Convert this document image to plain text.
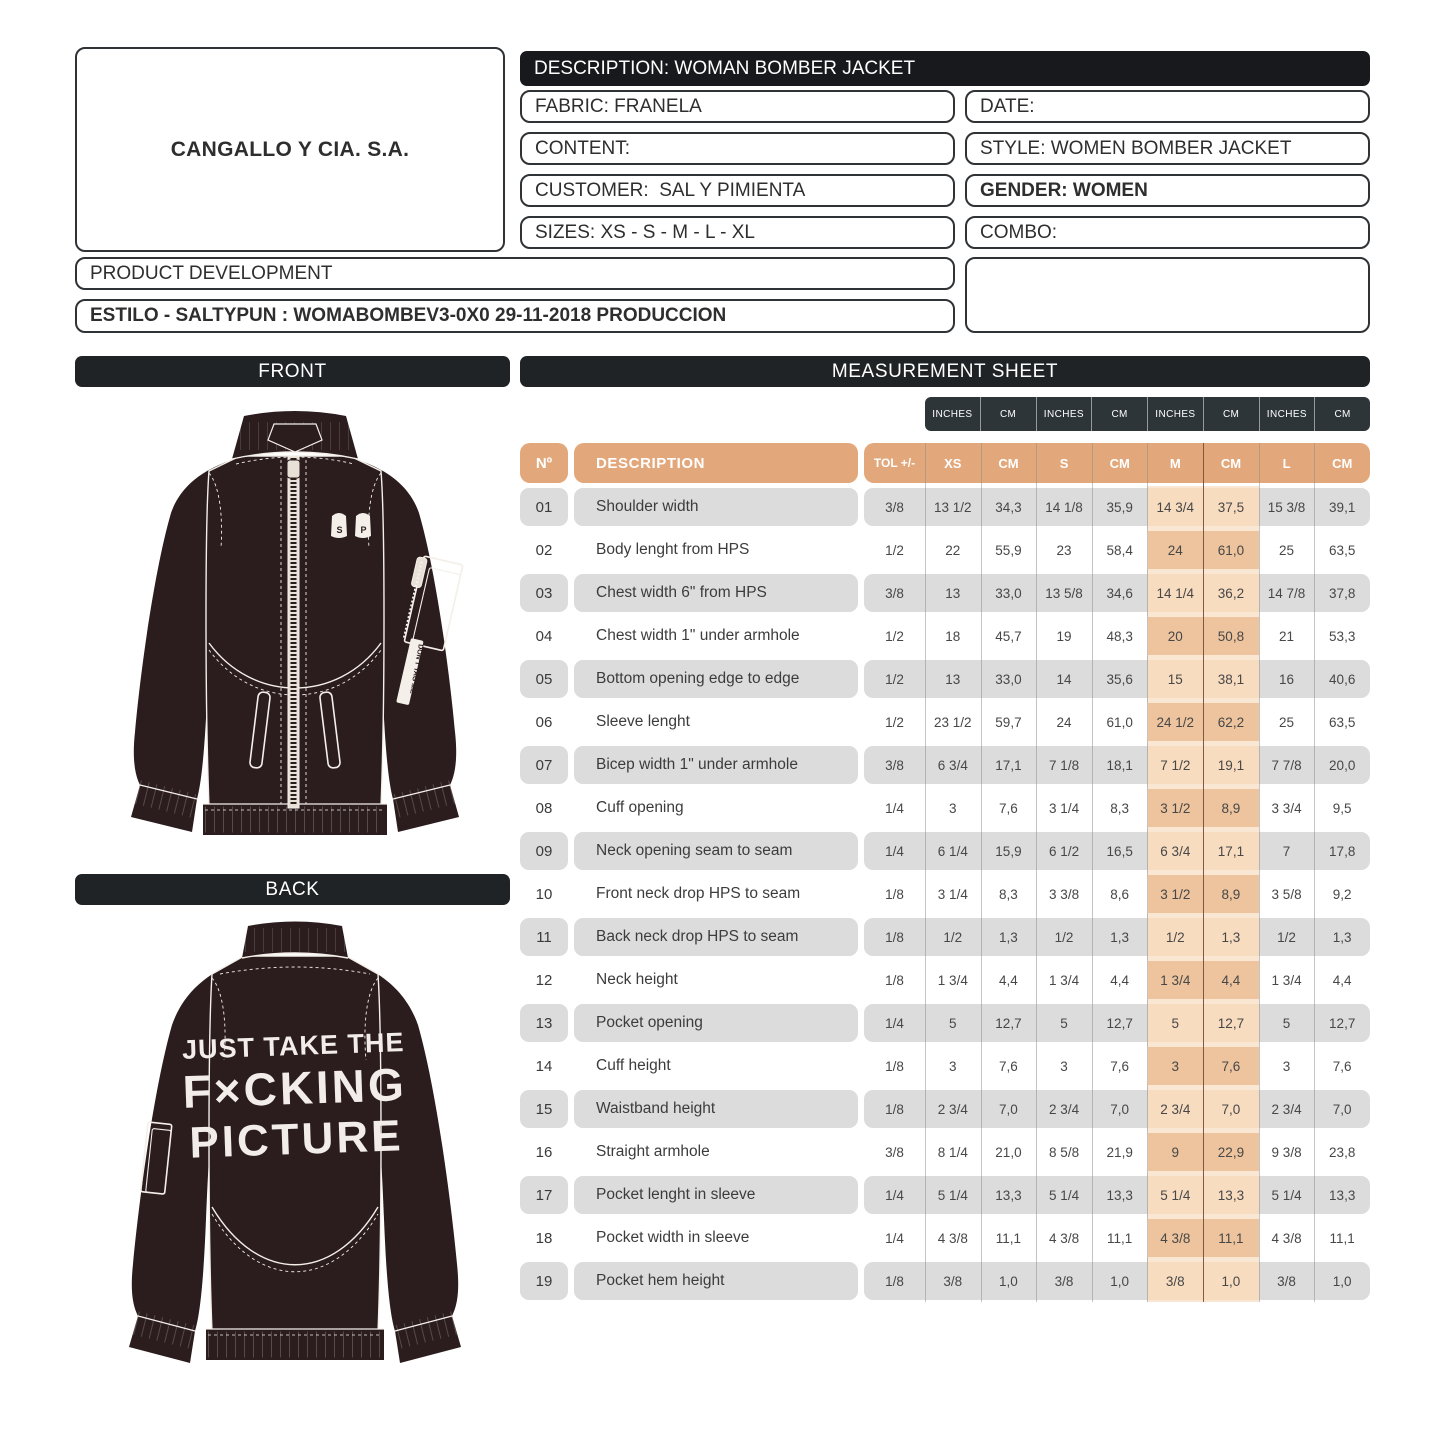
CANGALLO Y CIA. S.A.
DESCRIPTION: WOMAN BOMBER JACKET
FABRIC: FRANELA
CONTENT:
CUSTOMER:  SAL Y PIMIENTA
SIZES: XS - S - M - L - XL
DATE:
STYLE: WOMEN BOMBER JACKET
GENDER: WOMEN
COMBO:
PRODUCT DEVELOPMENT
ESTILO - SALTYPUN : WOMABOMBEV3-0X0 29-11-2018 PRODUCCION
FRONT	MEASUREMENT SHEET
BACK
S P
DON'T TAG ME
JUST TAKE THE
F×CKING
PICTURE
INCHES	CM	INCHES	CM	INCHES	CM	INCHES	CM
Nº	DESCRIPTION	TOL +/-	XS	CM	S	CM	M	CM	L	CM
01	Shoulder width	3/8	13 1/2	34,3	14 1/8	35,9	14 3/4	37,5	15 3/8	39,1
02	Body lenght from HPS	1/2	22	55,9	23	58,4	24	61,0	25	63,5
03	Chest width 6" from HPS	3/8	13	33,0	13 5/8	34,6	14 1/4	36,2	14 7/8	37,8
04	Chest width 1" under armhole	1/2	18	45,7	19	48,3	20	50,8	21	53,3
05	Bottom opening edge to edge	1/2	13	33,0	14	35,6	15	38,1	16	40,6
06	Sleeve lenght	1/2	23 1/2	59,7	24	61,0	24 1/2	62,2	25	63,5
07	Bicep width 1" under armhole	3/8	6 3/4	17,1	7 1/8	18,1	7 1/2	19,1	7 7/8	20,0
08	Cuff opening	1/4	3	7,6	3 1/4	8,3	3 1/2	8,9	3 3/4	9,5
09	Neck opening seam to seam	1/4	6 1/4	15,9	6 1/2	16,5	6 3/4	17,1	7	17,8
10	Front neck drop HPS to seam	1/8	3 1/4	8,3	3 3/8	8,6	3 1/2	8,9	3 5/8	9,2
11	Back neck drop HPS to seam	1/8	1/2	1,3	1/2	1,3	1/2	1,3	1/2	1,3
12	Neck height	1/8	1 3/4	4,4	1 3/4	4,4	1 3/4	4,4	1 3/4	4,4
13	Pocket opening	1/4	5	12,7	5	12,7	5	12,7	5	12,7
14	Cuff height	1/8	3	7,6	3	7,6	3	7,6	3	7,6
15	Waistband height	1/8	2 3/4	7,0	2 3/4	7,0	2 3/4	7,0	2 3/4	7,0
16	Straight armhole	3/8	8 1/4	21,0	8 5/8	21,9	9	22,9	9 3/8	23,8
17	Pocket lenght in sleeve	1/4	5 1/4	13,3	5 1/4	13,3	5 1/4	13,3	5 1/4	13,3
18	Pocket width in sleeve	1/4	4 3/8	11,1	4 3/8	11,1	4 3/8	11,1	4 3/8	11,1
19	Pocket hem height	1/8	3/8	1,0	3/8	1,0	3/8	1,0	3/8	1,0
